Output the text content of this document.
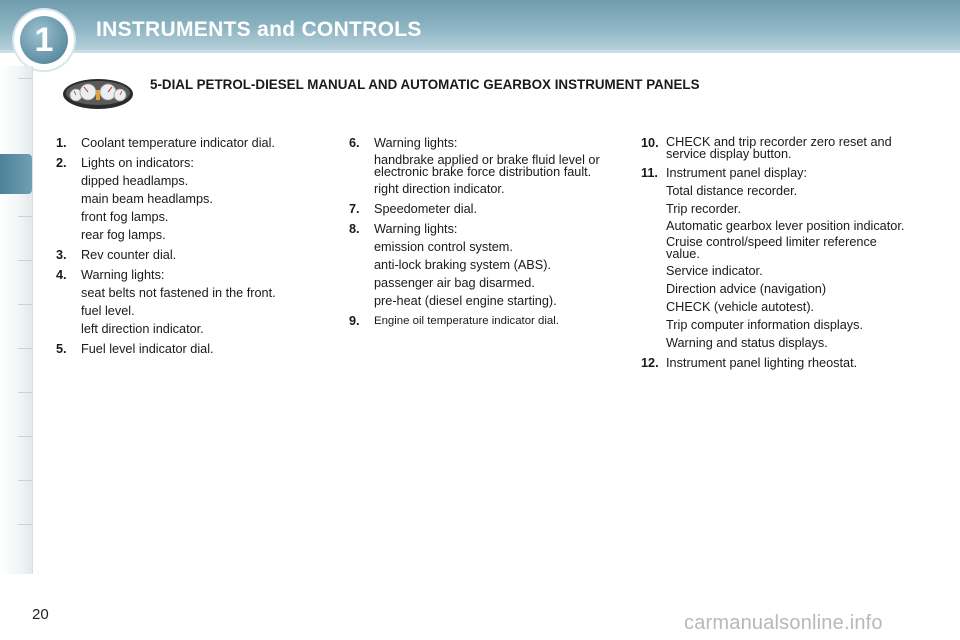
1	INSTRUMENTS and CONTROLS
5-DIAL PETROL-DIESEL MANUAL AND AUTOMATIC GEARBOX INSTRUMENT PANELS
1. Coolant temperature indicator dial.
2. Lights on indicators:
dipped headlamps.
main beam headlamps.
front fog lamps.
rear fog lamps.
3. Rev counter dial.
4. Warning lights:
seat belts not fastened in the front.
fuel level.
left direction indicator.
5. Fuel level indicator dial.
6. Warning lights:
handbrake applied or brake fluid level or electronic brake force distribution fault.
right direction indicator.
7. Speedometer dial.
8. Warning lights:
emission control system.
anti-lock braking system (ABS).
passenger air bag disarmed.
pre-heat (diesel engine starting).
9. Engine oil temperature indicator dial.
10. CHECK and trip recorder zero reset and service display button.
11. Instrument panel display:
Total distance recorder.
Trip recorder.
Automatic gearbox lever position indicator.
Cruise control/speed limiter reference value.
Service indicator.
Direction advice (navigation)
CHECK (vehicle autotest).
Trip computer information displays.
Warning and status displays.
12. Instrument panel lighting rheostat.
20	carmanualsonline.info
